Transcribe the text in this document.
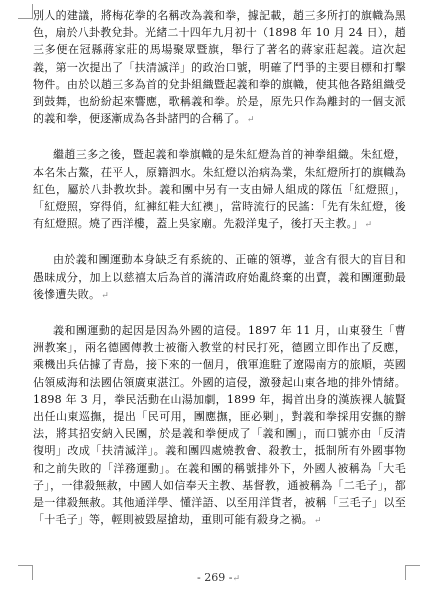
別人的建議，將梅花拳的名稱改為義和拳，據記載，趙三多所打的旗幟為黑色，扇於八卦教兌卦。光緒二十四年九月初十（1898 年 10 月 24 日），趙三多便在冠縣蔣家莊的馬場聚眾暨旗，舉行了著名的蔣家莊起義。這次起義，第一次提出了「扶清滅洋」的政治口號，明確了鬥爭的主要目標和打擊物件。由於以趙三多為首的兌卦組織暨起義和拳的旗幟，使其他各路組織受到鼓舞，也紛紛起來響應，歌稱義和拳。於是，原先只作為離封的一個支派的義和拳，便逐漸成為各卦諸門的合稱了。↵

繼趙三多之後，暨起義和拳旗幟的是朱紅燈為首的神拳組織。朱紅燈，本名朱占鰲，茌平人，原籍泗水。朱紅燈以治病為業，朱紅燈所打的旗幟為紅色，屬於八卦教坎卦。義和團中另有一支由婦人組成的隊伍「紅燈照」，「紅燈照，穿得俏，紅褲紅鞋大紅襖」，當時流行的民謠：「先有朱紅燈，後有紅燈照。燒了西洋樓，蓋上吳家廟。先殺洋鬼子，後打天主教。」↵

由於義和團運動本身缺乏有系統的、正確的領導，並含有很大的盲目和愚昧成分，加上以慈禧太后為首的滿清政府始亂終棄的出賣，義和團運動最後慘遭失敗。↵

義和團運動的起因是因為外國的這侵。1897 年 11 月，山東發生「曹洲教案」，兩名德國傳教士被衞入教堂的村民打死，德國立即作出了反應，乘機出兵佔據了青島，接下來的一個月，俄軍進駐了遼陽南方的旅順，英國佔領威海和法國佔領廣東湛江。外國的這侵，激發起山東各地的排外情緒。1898 年 3 月，拳民活動在山湯加劇，1899 年，揭首出身的漢族裸人毓賢出任山東巡撫，提出「民可用，團應撫，匪必剿」，對義和拳採用安撫的辦法，將其招安納入民團，於是義和拳便成了「義和團」，而口號亦由「反清復明」改成「扶清滅洋」。義和團四處燒教會、殺教士，抵制所有外國事物和之前失敗的「洋務運動」。在義和團的稱號排外下，外國人被稱為「大毛子」，一律殺無赦，中國人如信奉天主教、基督教，通被稱為「二毛子」，都是一律殺無赦。其他通洋學、懂洋語、以至用洋貨者，被稱「三毛子」以至「十毛子」等，輕則被毀屋搶劫，重則可能有殺身之禍。↵

- 269 -↵
